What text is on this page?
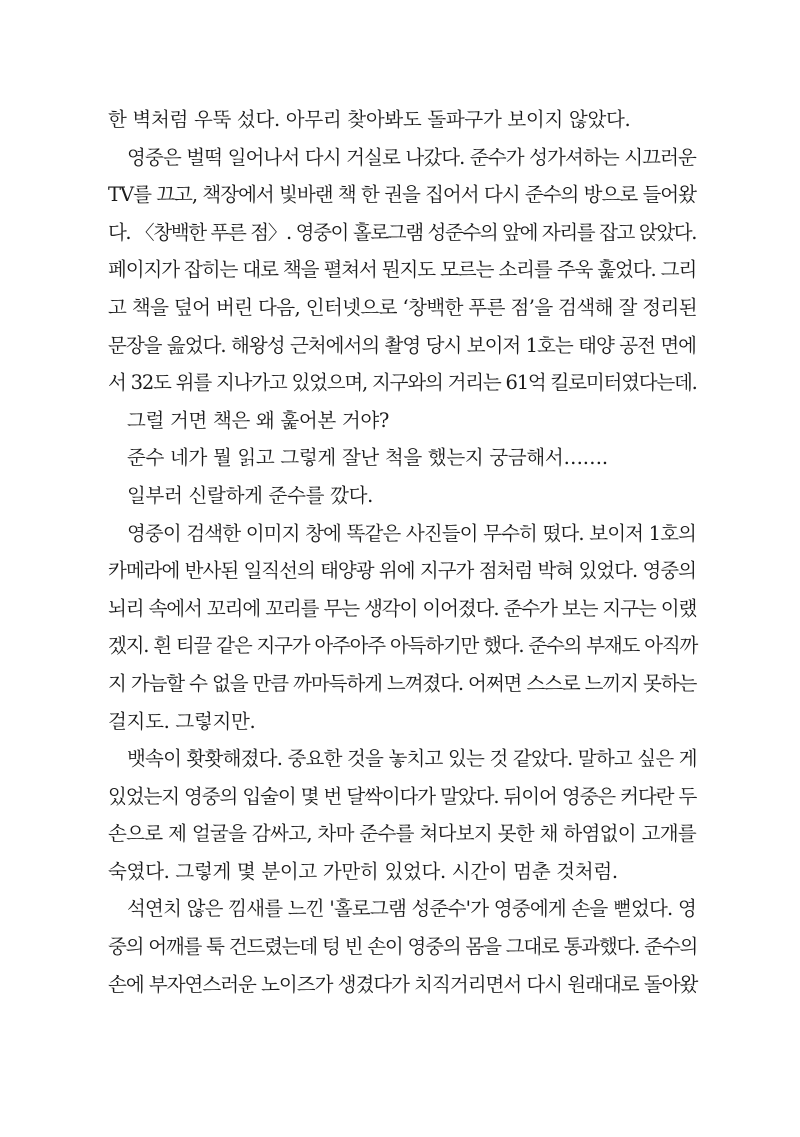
한 벽처럼 우뚝 섰다. 아무리 찾아봐도 돌파구가 보이지 않았다.
영중은 벌떡 일어나서 다시 거실로 나갔다. 준수가 성가셔하는 시끄러운
TV를 끄고, 책장에서 빛바랜 책 한 권을 집어서 다시 준수의 방으로 들어왔
다. 〈창백한 푸른 점〉. 영중이 홀로그램 성준수의 앞에 자리를 잡고 앉았다.
페이지가 잡히는 대로 책을 펼쳐서 뭔지도 모르는 소리를 주욱 훑었다. 그리
고 책을 덮어 버린 다음, 인터넷으로 ‘창백한 푸른 점’을 검색해 잘 정리된
문장을 읊었다. 해왕성 근처에서의 촬영 당시 보이저 1호는 태양 공전 면에
서 32도 위를 지나가고 있었으며, 지구와의 거리는 61억 킬로미터였다는데.
그럴 거면 책은 왜 훑어본 거야?
준수 네가 뭘 읽고 그렇게 잘난 척을 했는지 궁금해서…….
일부러 신랄하게 준수를 깠다.
영중이 검색한 이미지 창에 똑같은 사진들이 무수히 떴다. 보이저 1호의
카메라에 반사된 일직선의 태양광 위에 지구가 점처럼 박혀 있었다. 영중의
뇌리 속에서 꼬리에 꼬리를 무는 생각이 이어졌다. 준수가 보는 지구는 이랬
겠지. 흰 티끌 같은 지구가 아주아주 아득하기만 했다. 준수의 부재도 아직까
지 가늠할 수 없을 만큼 까마득하게 느껴졌다. 어쩌면 스스로 느끼지 못하는
걸지도. 그렇지만.
뱃속이 홧홧해졌다. 중요한 것을 놓치고 있는 것 같았다. 말하고 싶은 게
있었는지 영중의 입술이 몇 번 달싹이다가 말았다. 뒤이어 영중은 커다란 두
손으로 제 얼굴을 감싸고, 차마 준수를 쳐다보지 못한 채 하염없이 고개를
숙였다. 그렇게 몇 분이고 가만히 있었다. 시간이 멈춘 것처럼.
석연치 않은 낌새를 느낀 '홀로그램 성준수'가 영중에게 손을 뻗었다. 영
중의 어깨를 툭 건드렸는데 텅 빈 손이 영중의 몸을 그대로 통과했다. 준수의
손에 부자연스러운 노이즈가 생겼다가 치직거리면서 다시 원래대로 돌아왔
